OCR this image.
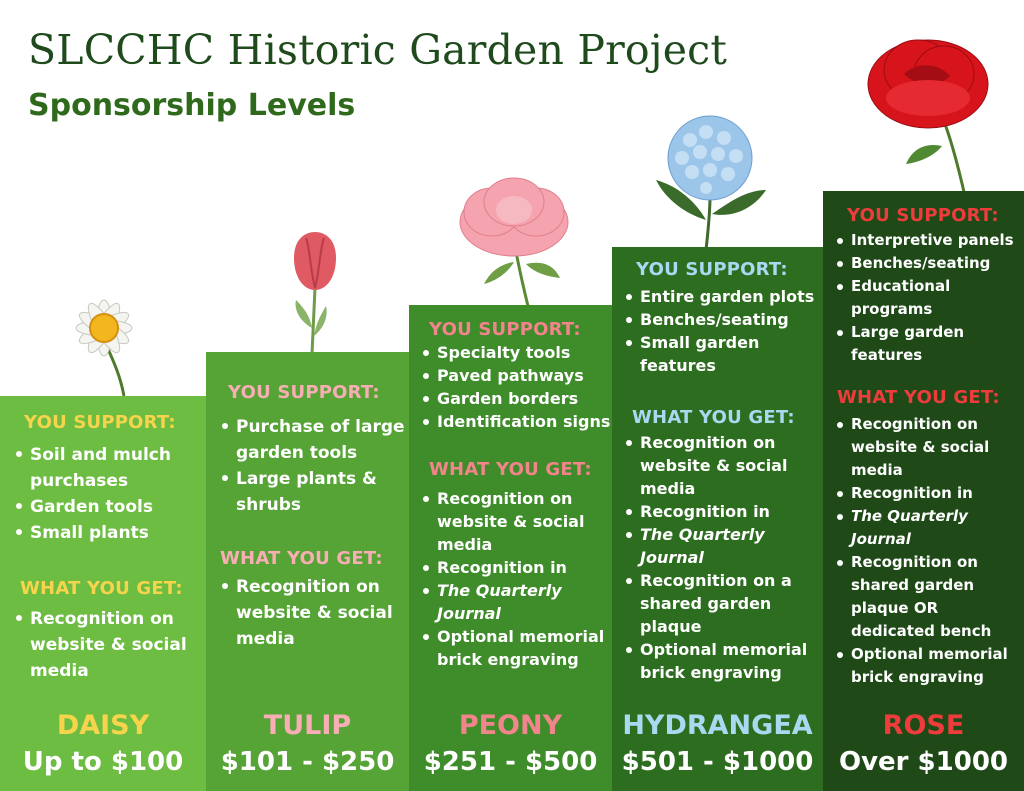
SLCCHC Historic Garden Project
Sponsorship Levels
YOU SUPPORT:
Soil and mulch purchases
Garden tools
Small plants
WHAT YOU GET:
Recognition on website & social media
DAISY
Up to $100
YOU SUPPORT:
Purchase of large garden tools
Large plants & shrubs
WHAT YOU GET:
Recognition on website & social media
TULIP
$101 - $250
YOU SUPPORT:
Specialty tools
Paved pathways
Garden borders
Identification signs
WHAT YOU GET:
Recognition on website & social media
Recognition in
The Quarterly Journal
Optional memorial brick engraving
PEONY
$251 - $500
YOU SUPPORT:
Entire garden plots
Benches/seating
Small garden features
WHAT YOU GET:
Recognition on website & social media
Recognition in
The Quarterly Journal
Recognition on a shared garden plaque
Optional memorial brick engraving
HYDRANGEA
$501 - $1000
YOU SUPPORT:
Interpretive panels
Benches/seating
Educational programs
Large garden features
WHAT YOU GET:
Recognition on website & social media
Recognition in
The Quarterly Journal
Recognition on shared garden plaque OR dedicated bench
Optional memorial brick engraving
ROSE
Over $1000
